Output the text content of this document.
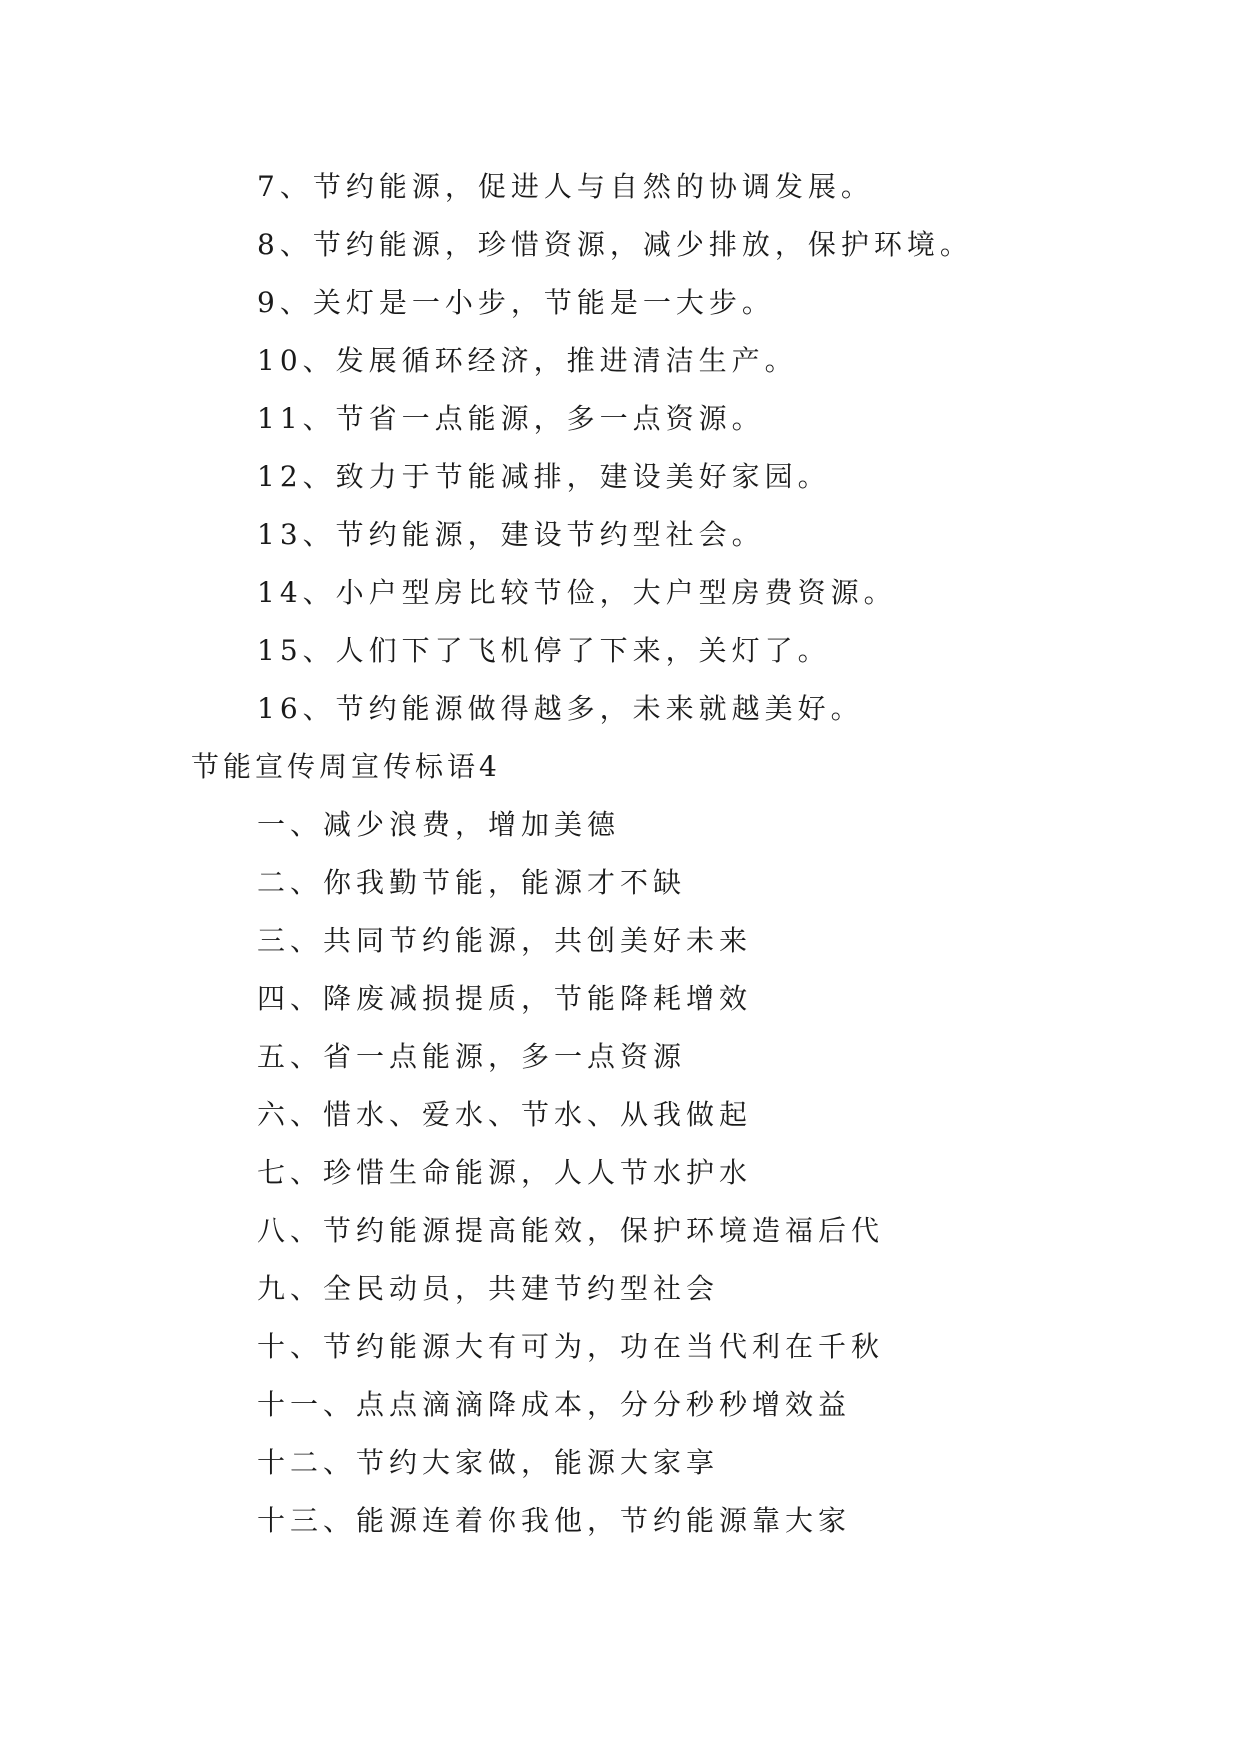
7、节约能源，促进人与自然的协调发展。
8、节约能源，珍惜资源，减少排放，保护环境。
9、关灯是一小步，节能是一大步。
10、发展循环经济，推进清洁生产。
11、节省一点能源，多一点资源。
12、致力于节能减排，建设美好家园。
13、节约能源，建设节约型社会。
14、小户型房比较节俭，大户型房费资源。
15、人们下了飞机停了下来，关灯了。
16、节约能源做得越多，未来就越美好。
节能宣传周宣传标语4
一、减少浪费，增加美德
二、你我勤节能，能源才不缺
三、共同节约能源，共创美好未来
四、降废减损提质，节能降耗增效
五、省一点能源，多一点资源
六、惜水、爱水、节水、从我做起
七、珍惜生命能源，人人节水护水
八、节约能源提高能效，保护环境造福后代
九、全民动员，共建节约型社会
十、节约能源大有可为，功在当代利在千秋
十一、点点滴滴降成本，分分秒秒增效益
十二、节约大家做，能源大家享
十三、能源连着你我他，节约能源靠大家
